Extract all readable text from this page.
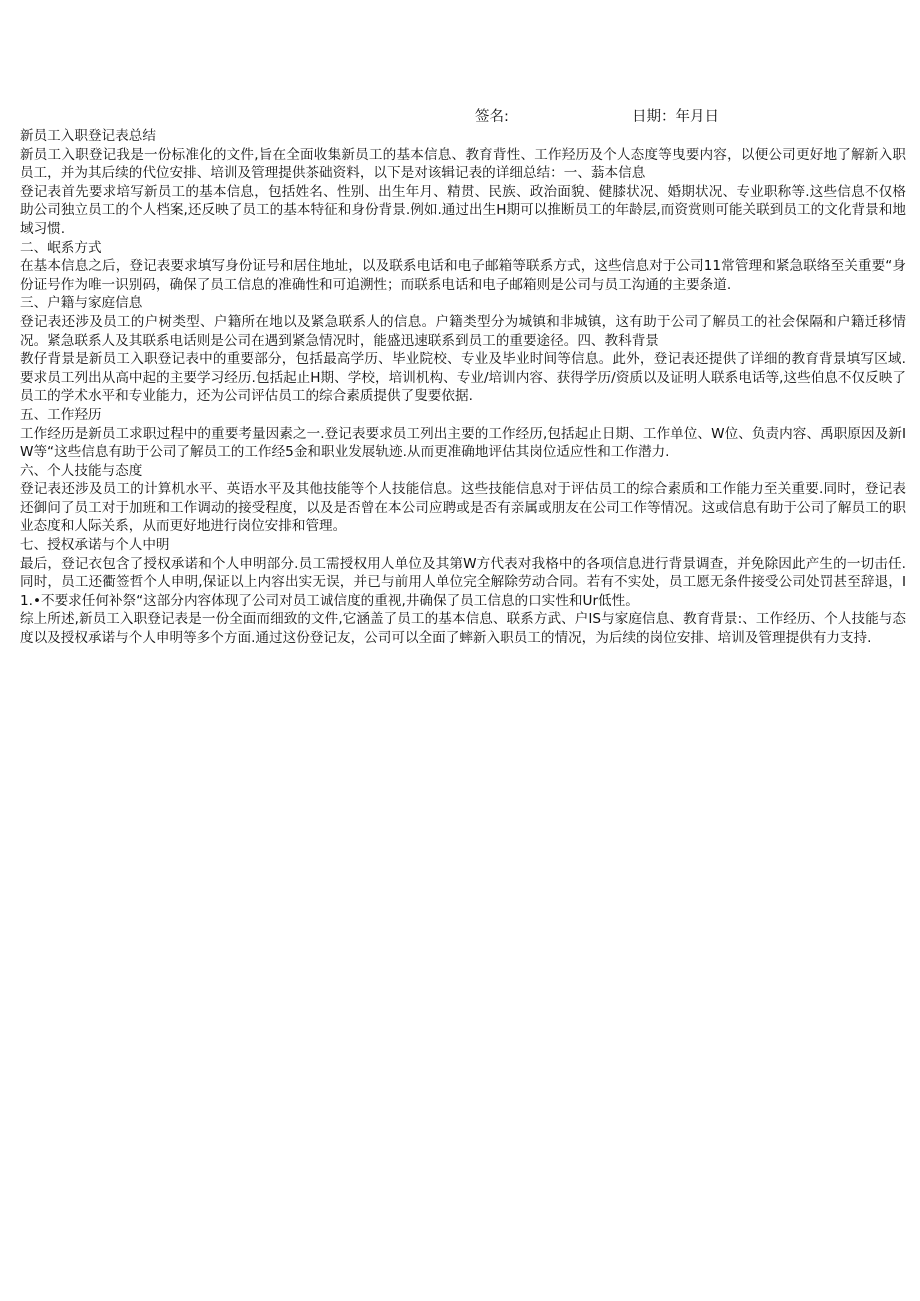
签名:	日期：年月日

新员工入职登记表总结

新员工入职登记我是一份标准化的文件,旨在全面收集新员工的基本信息、教育背性、工作羟历及个人态度等曳要内容，以便公司更好地了解新入职员工，并为其后续的代位安排、培训及管理提供茶础资料，以下是对该辑记表的详细总结：一、蓊本信息

登记表首先要求培写新员工的基本信息，包括姓名、性别、出生年月、精贯、民族、政治面貌、健膝状况、婚期状况、专业职称等.这些信息不仅格助公司独立员工的个人档案,还反映了员工的基本特征和身份背景.例如.通过出生H期可以推断员工的年龄层,而资赏则可能关联到员工的文化背景和地域习惯.

二、岷系方式

在基本信息之后，登记表要求填写身份证号和居住地址，以及联系电话和电子邮箱等联系方式，这些信息对于公司11常管理和紧急联络至关重要“身份证号作为唯一识别码，确保了员工信息的准确性和可追溯性；而联系电话和电子邮箱则是公司与员工沟通的主要条道.

三、户籍与家庭信息

登记表还涉及员工的户树类型、户籍所在地以及紧急联系人的信息。户籍类型分为城镇和非城镇，这有助于公司了解员工的社会保隔和户籍迁移情况。紧急联系人及其联系电话则是公司在遇到紧急情况时，能盛迅速联系到员工的重要途径。四、教科背景

教仔背景是新员工入职登记表中的重要部分，包括最高学历、毕业院校、专业及毕业时间等信息。此外，登记表还提供了详细的教育背景填写区域.要求员工列出从高中起的主要学习经历.包括起止H期、学校，培训机构、专业/培训内容、获得学历/资质以及证明人联系电话等,这些伯息不仅反映了员工的学术水平和专业能力，还为公司评估员工的综合素质提供了叟要依据.

五、工作羟历

工作经历是新员工求职过程中的重要考量因素之一.登记表要求员工列出主要的工作经历,包括起止日期、工作单位、W位、负责内容、禹职原因及新IW等“这些信息有助于公司了解员工的工作经5金和职业发展轨迹.从而更准确地评估其岗位适应性和工作潜力.

六、个人技能与态度

登记表还涉及员工的计算机水平、英语水平及其他技能等个人技能信息。这些技能信息对于评估员工的综合素质和工作能力至关重要.同时，登记表还御问了员工对于加班和工作调动的接受程度，以及是否曾在本公司应聘或是否有亲属或朋友在公司工作等情况。这或信息有助于公司了解员工的职业态度和人际关系，从而更好地进行岗位安排和管理。

七、授权承诺与个人中明

最后，登记衣包含了授权承诺和个人申明部分.员工需授权用人单位及其第W方代表对我格中的各项信息进行背景调查，并免除因此产生的一切击任.同时，员工还衢签哲个人申明,保证以上内容出实无误，并已与前用人单位完全解除劳动合同。若有不实处，员工愿无条件接受公司处罚甚至辞退，I1.•不要求任何补祭“这部分内容体现了公司对员工诚信度的重视,井确保了员工信息的口实性和Ur低性。

综上所述,新员工入职登记表是一份全面而细致的文件,它涵盖了员工的基本信息、联系方武、户IS与家庭信息、教育背景:、工作经历、个人技能与态度以及授权承诺与个人申明等多个方面.通过这份登记友，公司可以全面了蟀新入职员工的情况，为后续的岗位安排、培训及管理提供有力支持.
